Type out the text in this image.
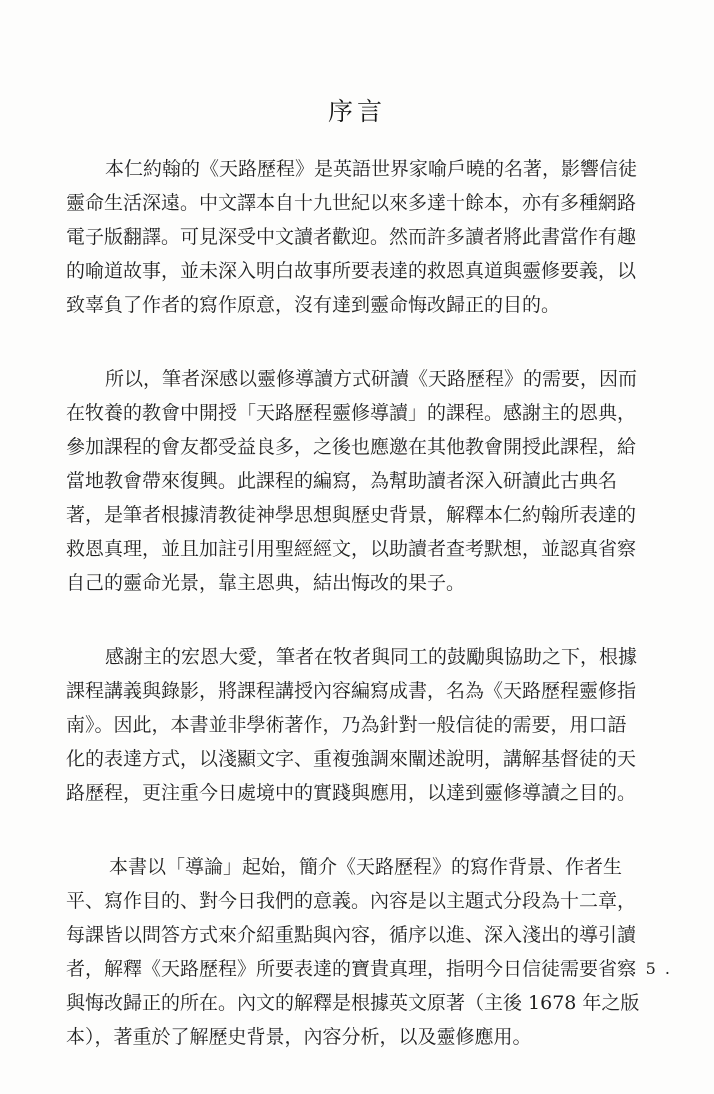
序言
本仁約翰的《天路歷程》是英語世界家喻戶曉的名著，影響信徒
靈命生活深遠。中文譯本自十九世紀以來多達十餘本，亦有多種網路
電子版翻譯。可見深受中文讀者歡迎。然而許多讀者將此書當作有趣
的喻道故事，並未深入明白故事所要表達的救恩真道與靈修要義，以
致辜負了作者的寫作原意，沒有達到靈命悔改歸正的目的。
所以，筆者深感以靈修導讀方式研讀《天路歷程》的需要，因而
在牧養的教會中開授「天路歷程靈修導讀」的課程。感謝主的恩典，
參加課程的會友都受益良多，之後也應邀在其他教會開授此課程，給
當地教會帶來復興。此課程的編寫，為幫助讀者深入研讀此古典名
著，是筆者根據清教徒神學思想與歷史背景，解釋本仁約翰所表達的
救恩真理，並且加註引用聖經經文，以助讀者查考默想，並認真省察
自己的靈命光景，靠主恩典，結出悔改的果子。
感謝主的宏恩大愛，筆者在牧者與同工的鼓勵與協助之下，根據
課程講義與錄影，將課程講授內容編寫成書，名為《天路歷程靈修指
南》。因此，本書並非學術著作，乃為針對一般信徒的需要，用口語
化的表達方式，以淺顯文字、重複強調來闡述說明，講解基督徒的天
路歷程，更注重今日處境中的實踐與應用，以達到靈修導讀之目的。
本書以「導論」起始，簡介《天路歷程》的寫作背景、作者生
平、寫作目的、對今日我們的意義。內容是以主題式分段為十二章，
每課皆以問答方式來介紹重點與內容，循序以進、深入淺出的導引讀
者，解釋《天路歷程》所要表達的寶貴真理，指明今日信徒需要省察
與悔改歸正的所在。內文的解釋是根據英文原著（主後 1678 年之版
本），著重於了解歷史背景，內容分析，以及靈修應用。
. 5 .
